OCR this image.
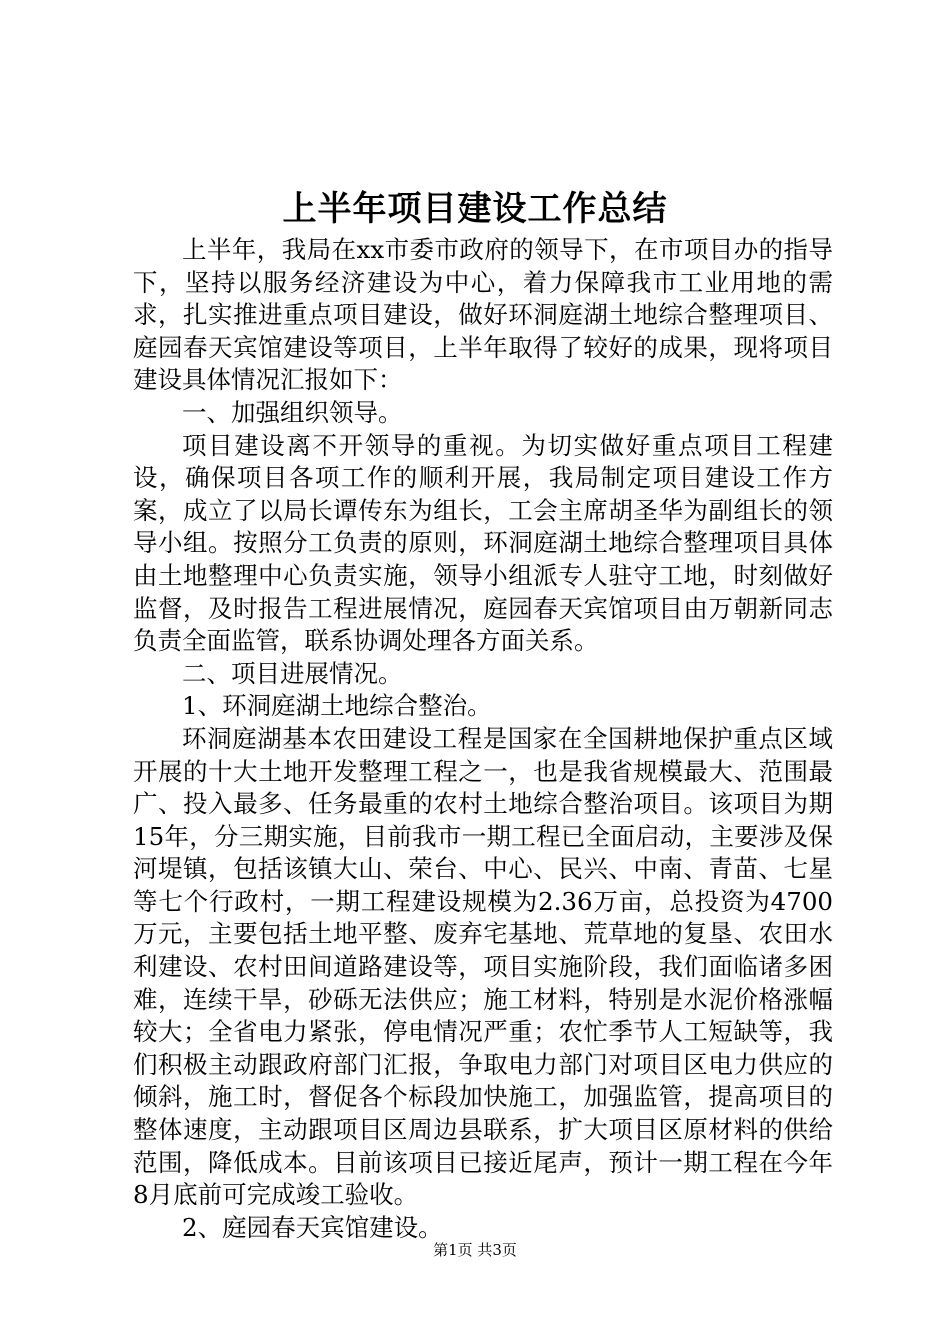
上半年项目建设工作总结

上半年，我局在xx市委市政府的领导下，在市项目办的指导下，坚持以服务经济建设为中心，着力保障我市工业用地的需求，扎实推进重点项目建设，做好环洞庭湖土地综合整理项目、庭园春天宾馆建设等项目，上半年取得了较好的成果，现将项目建设具体情况汇报如下：

一、加强组织领导。

项目建设离不开领导的重视。为切实做好重点项目工程建设，确保项目各项工作的顺利开展，我局制定项目建设工作方案，成立了以局长谭传东为组长，工会主席胡圣华为副组长的领导小组。按照分工负责的原则，环洞庭湖土地综合整理项目具体由土地整理中心负责实施，领导小组派专人驻守工地，时刻做好监督，及时报告工程进展情况，庭园春天宾馆项目由万朝新同志负责全面监管，联系协调处理各方面关系。

二、项目进展情况。

1、环洞庭湖土地综合整治。

环洞庭湖基本农田建设工程是国家在全国耕地保护重点区域开展的十大土地开发整理工程之一，也是我省规模最大、范围最广、投入最多、任务最重的农村土地综合整治项目。该项目为期15年，分三期实施，目前我市一期工程已全面启动，主要涉及保河堤镇，包括该镇大山、荣台、中心、民兴、中南、青苗、七星等七个行政村，一期工程建设规模为2.36万亩，总投资为4700万元，主要包括土地平整、废弃宅基地、荒草地的复垦、农田水利建设、农村田间道路建设等，项目实施阶段，我们面临诸多困难，连续干旱，砂砾无法供应；施工材料，特别是水泥价格涨幅较大；全省电力紧张，停电情况严重；农忙季节人工短缺等，我们积极主动跟政府部门汇报，争取电力部门对项目区电力供应的倾斜，施工时，督促各个标段加快施工，加强监管，提高项目的整体速度，主动跟项目区周边县联系，扩大项目区原材料的供给范围，降低成本。目前该项目已接近尾声，预计一期工程在今年8月底前可完成竣工验收。

2、庭园春天宾馆建设。

第1页 共3页
